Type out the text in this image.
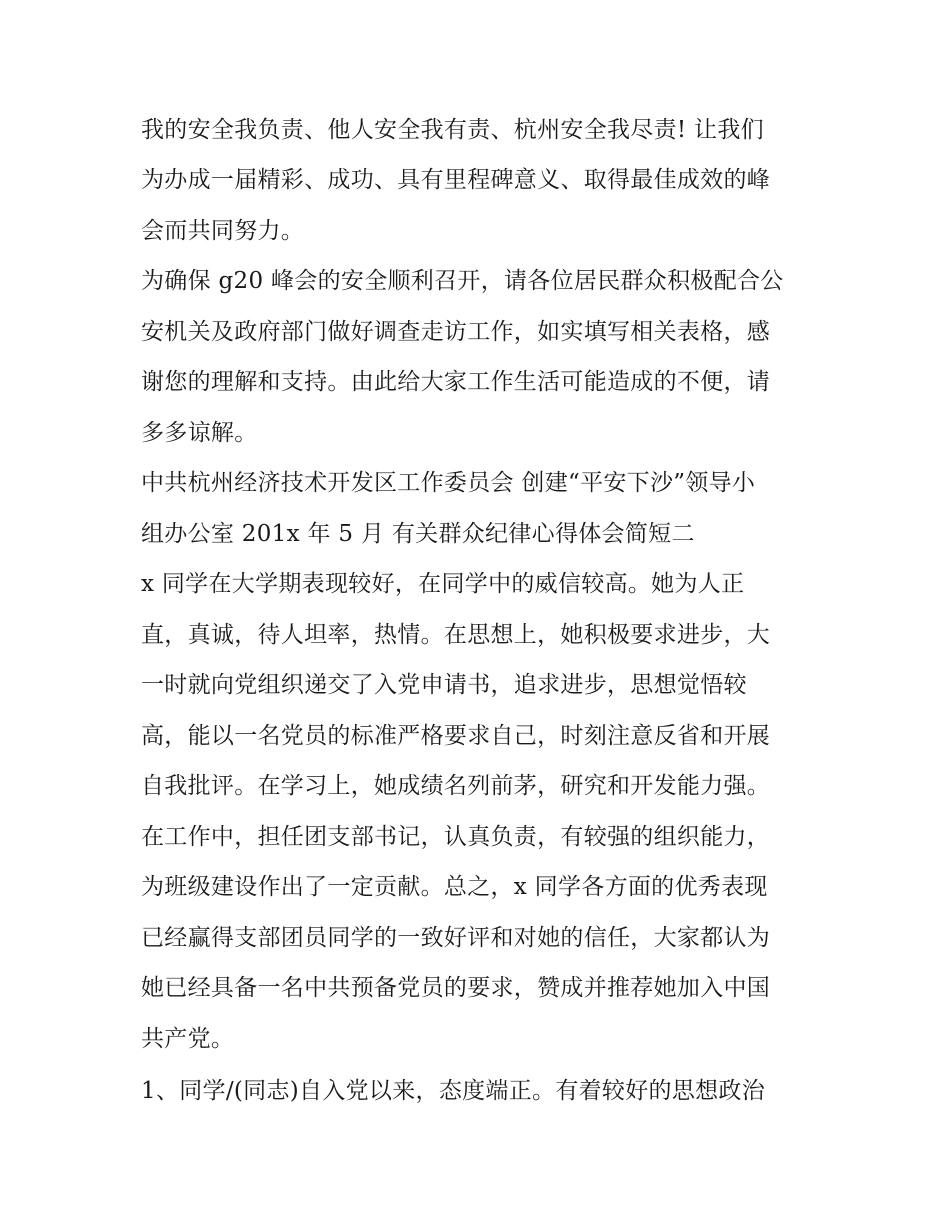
我的安全我负责、他人安全我有责、杭州安全我尽责! 让我们
为办成一届精彩、成功、具有里程碑意义、取得最佳成效的峰
会而共同努力。
为确保 g20 峰会的安全顺利召开，请各位居民群众积极配合公
安机关及政府部门做好调查走访工作，如实填写相关表格，感
谢您的理解和支持。由此给大家工作生活可能造成的不便，请
多多谅解。
中共杭州经济技术开发区工作委员会 创建“平安下沙”领导小
组办公室 201x 年 5 月 有关群众纪律心得体会简短二
x 同学在大学期表现较好，在同学中的威信较高。她为人正
直，真诚，待人坦率，热情。在思想上，她积极要求进步，大
一时就向党组织递交了入党申请书，追求进步，思想觉悟较
高，能以一名党员的标准严格要求自己，时刻注意反省和开展
自我批评。在学习上，她成绩名列前茅，研究和开发能力强。
在工作中，担任团支部书记，认真负责，有较强的组织能力，
为班级建设作出了一定贡献。总之，x 同学各方面的优秀表现
已经赢得支部团员同学的一致好评和对她的信任，大家都认为
她已经具备一名中共预备党员的要求，赞成并推荐她加入中国
共产党。
1、同学/(同志)自入党以来，态度端正。有着较好的思想政治
